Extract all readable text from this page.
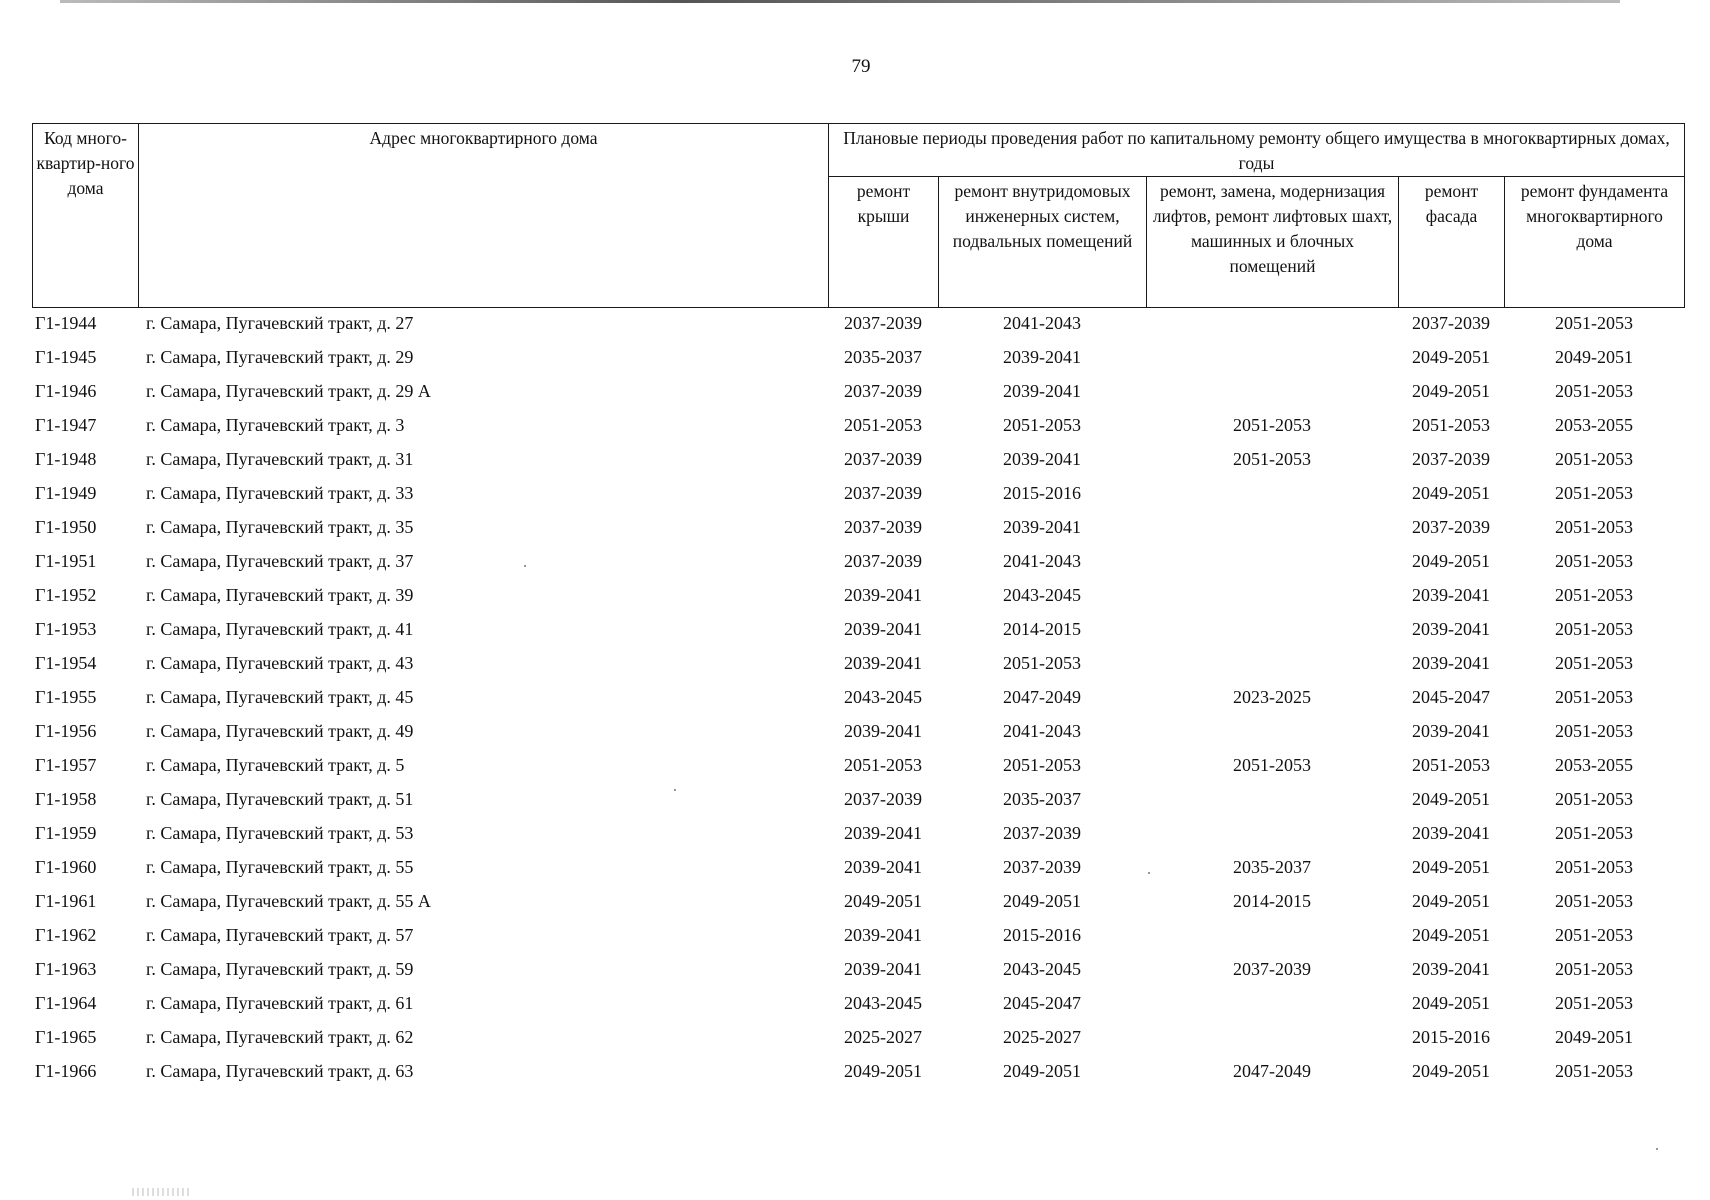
79
Код много-квартир-ного дома	Адрес многоквартирного дома	Плановые периоды проведения работ по капитальному ремонту общего имущества в многоквартирных домах, годы				
		ремонт крыши	ремонт внутридомовых инженерных систем, подвальных помещений	ремонт, замена, модернизация лифтов, ремонт лифтовых шахт, машинных и блочных помещений	ремонт фасада	ремонт фундамента многоквартирного дома
Г1-1944	г. Самара, Пугачевский тракт, д. 27	2037-2039	2041-2043		2037-2039	2051-2053
Г1-1945	г. Самара, Пугачевский тракт, д. 29	2035-2037	2039-2041		2049-2051	2049-2051
Г1-1946	г. Самара, Пугачевский тракт, д. 29 А	2037-2039	2039-2041		2049-2051	2051-2053
Г1-1947	г. Самара, Пугачевский тракт, д. 3	2051-2053	2051-2053	2051-2053	2051-2053	2053-2055
Г1-1948	г. Самара, Пугачевский тракт, д. 31	2037-2039	2039-2041	2051-2053	2037-2039	2051-2053
Г1-1949	г. Самара, Пугачевский тракт, д. 33	2037-2039	2015-2016		2049-2051	2051-2053
Г1-1950	г. Самара, Пугачевский тракт, д. 35	2037-2039	2039-2041		2037-2039	2051-2053
Г1-1951	г. Самара, Пугачевский тракт, д. 37	2037-2039	2041-2043		2049-2051	2051-2053
Г1-1952	г. Самара, Пугачевский тракт, д. 39	2039-2041	2043-2045		2039-2041	2051-2053
Г1-1953	г. Самара, Пугачевский тракт, д. 41	2039-2041	2014-2015		2039-2041	2051-2053
Г1-1954	г. Самара, Пугачевский тракт, д. 43	2039-2041	2051-2053		2039-2041	2051-2053
Г1-1955	г. Самара, Пугачевский тракт, д. 45	2043-2045	2047-2049	2023-2025	2045-2047	2051-2053
Г1-1956	г. Самара, Пугачевский тракт, д. 49	2039-2041	2041-2043		2039-2041	2051-2053
Г1-1957	г. Самара, Пугачевский тракт, д. 5	2051-2053	2051-2053	2051-2053	2051-2053	2053-2055
Г1-1958	г. Самара, Пугачевский тракт, д. 51	2037-2039	2035-2037		2049-2051	2051-2053
Г1-1959	г. Самара, Пугачевский тракт, д. 53	2039-2041	2037-2039		2039-2041	2051-2053
Г1-1960	г. Самара, Пугачевский тракт, д. 55	2039-2041	2037-2039	2035-2037	2049-2051	2051-2053
Г1-1961	г. Самара, Пугачевский тракт, д. 55 А	2049-2051	2049-2051	2014-2015	2049-2051	2051-2053
Г1-1962	г. Самара, Пугачевский тракт, д. 57	2039-2041	2015-2016		2049-2051	2051-2053
Г1-1963	г. Самара, Пугачевский тракт, д. 59	2039-2041	2043-2045	2037-2039	2039-2041	2051-2053
Г1-1964	г. Самара, Пугачевский тракт, д. 61	2043-2045	2045-2047		2049-2051	2051-2053
Г1-1965	г. Самара, Пугачевский тракт, д. 62	2025-2027	2025-2027		2015-2016	2049-2051
Г1-1966	г. Самара, Пугачевский тракт, д. 63	2049-2051	2049-2051	2047-2049	2049-2051	2051-2053
